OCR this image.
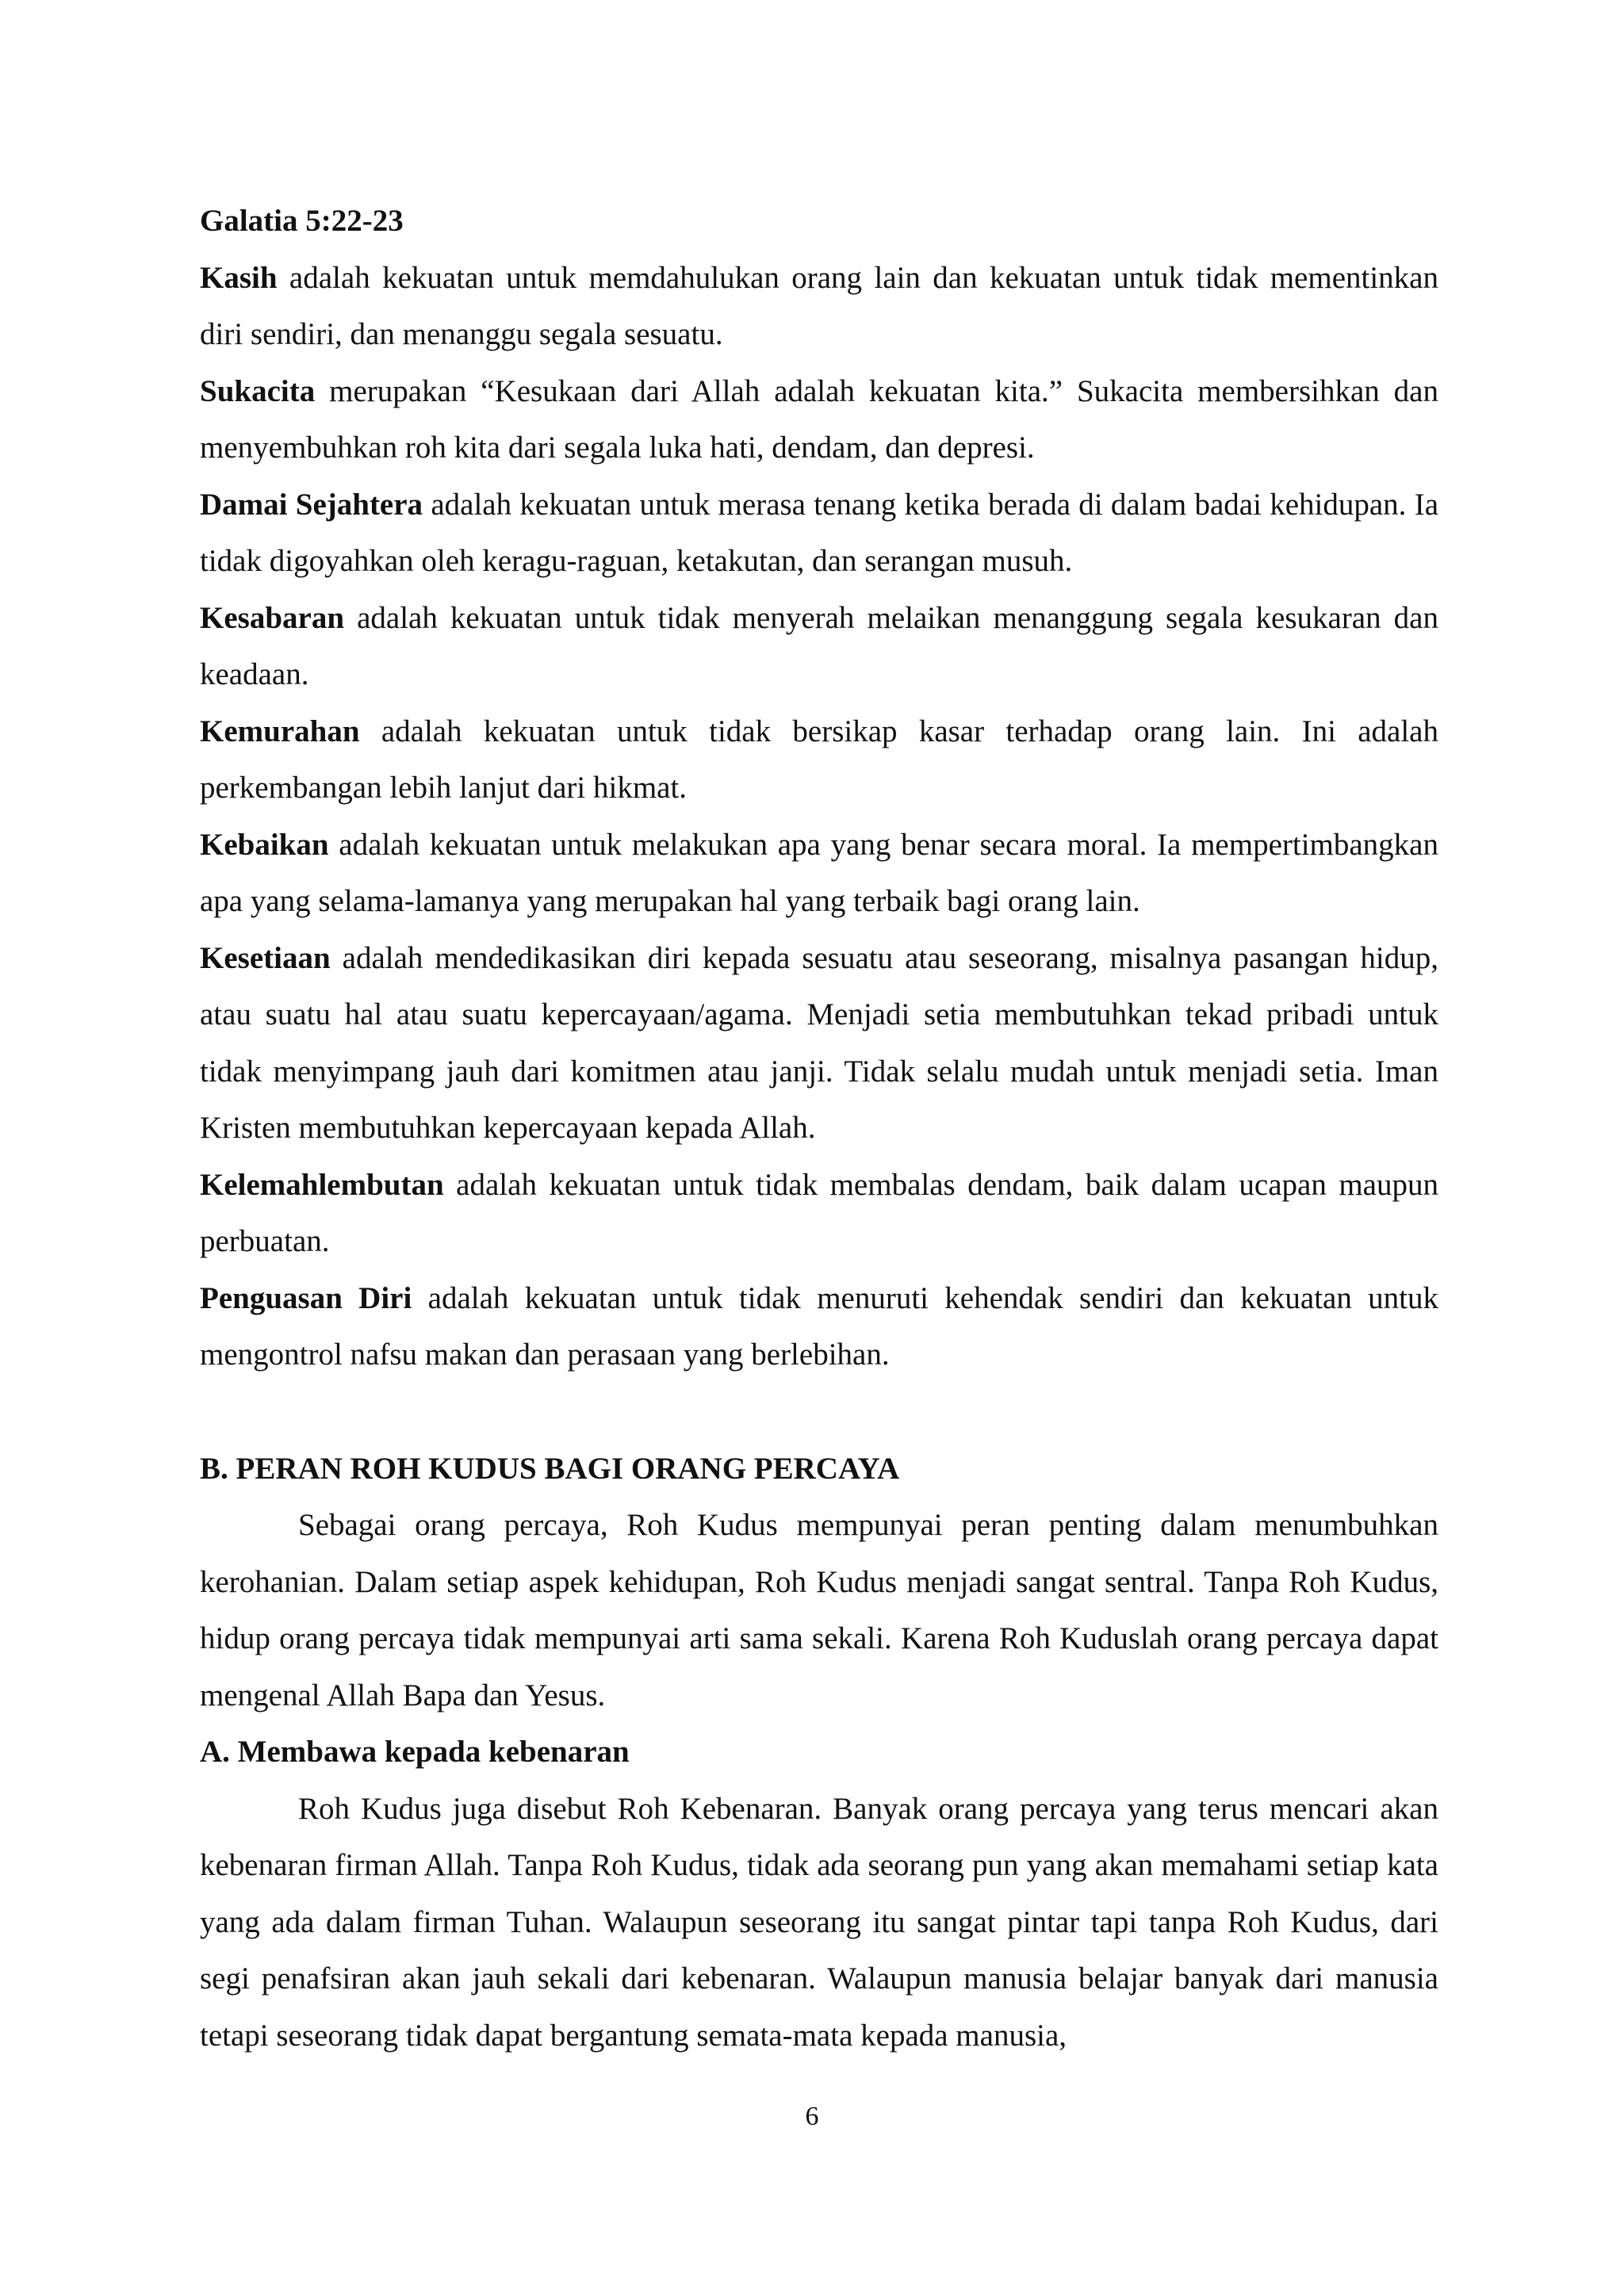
Galatia 5:22-23

Kasih adalah kekuatan untuk memdahulukan orang lain dan kekuatan untuk tidak mementinkan diri sendiri, dan menanggu segala sesuatu.

Sukacita merupakan “Kesukaan dari Allah adalah kekuatan kita.” Sukacita membersihkan dan menyembuhkan roh kita dari segala luka hati, dendam, dan depresi.

Damai Sejahtera adalah kekuatan untuk merasa tenang ketika berada di dalam badai kehidupan. Ia tidak digoyahkan oleh keragu-raguan, ketakutan, dan serangan musuh.

Kesabaran adalah kekuatan untuk tidak menyerah melaikan menanggung segala kesukaran dan keadaan.

Kemurahan adalah kekuatan untuk tidak bersikap kasar terhadap orang lain. Ini adalah perkembangan lebih lanjut dari hikmat.

Kebaikan adalah kekuatan untuk melakukan apa yang benar secara moral. Ia mempertimbangkan apa yang selama-lamanya yang merupakan hal yang terbaik bagi orang lain.

Kesetiaan adalah mendedikasikan diri kepada sesuatu atau seseorang, misalnya pasangan hidup, atau suatu hal atau suatu kepercayaan/agama. Menjadi setia membutuhkan tekad pribadi untuk tidak menyimpang jauh dari komitmen atau janji. Tidak selalu mudah untuk menjadi setia. Iman Kristen membutuhkan kepercayaan kepada Allah.

Kelemahlembutan adalah kekuatan untuk tidak membalas dendam, baik dalam ucapan maupun perbuatan.

Penguasan Diri adalah kekuatan untuk tidak menuruti kehendak sendiri dan kekuatan untuk mengontrol nafsu makan dan perasaan yang berlebihan.

B. PERAN ROH KUDUS BAGI ORANG PERCAYA

Sebagai orang percaya, Roh Kudus mempunyai peran penting dalam menumbuhkan kerohanian. Dalam setiap aspek kehidupan, Roh Kudus menjadi sangat sentral. Tanpa Roh Kudus, hidup orang percaya tidak mempunyai arti sama sekali. Karena Roh Kuduslah orang percaya dapat mengenal Allah Bapa dan Yesus.

A. Membawa kepada kebenaran

Roh Kudus juga disebut Roh Kebenaran. Banyak orang percaya yang terus mencari akan kebenaran firman Allah. Tanpa Roh Kudus, tidak ada seorang pun yang akan memahami setiap kata yang ada dalam firman Tuhan. Walaupun seseorang itu sangat pintar tapi tanpa Roh Kudus, dari segi penafsiran akan jauh sekali dari kebenaran. Walaupun manusia belajar banyak dari manusia tetapi seseorang tidak dapat bergantung semata-mata kepada manusia,

6
